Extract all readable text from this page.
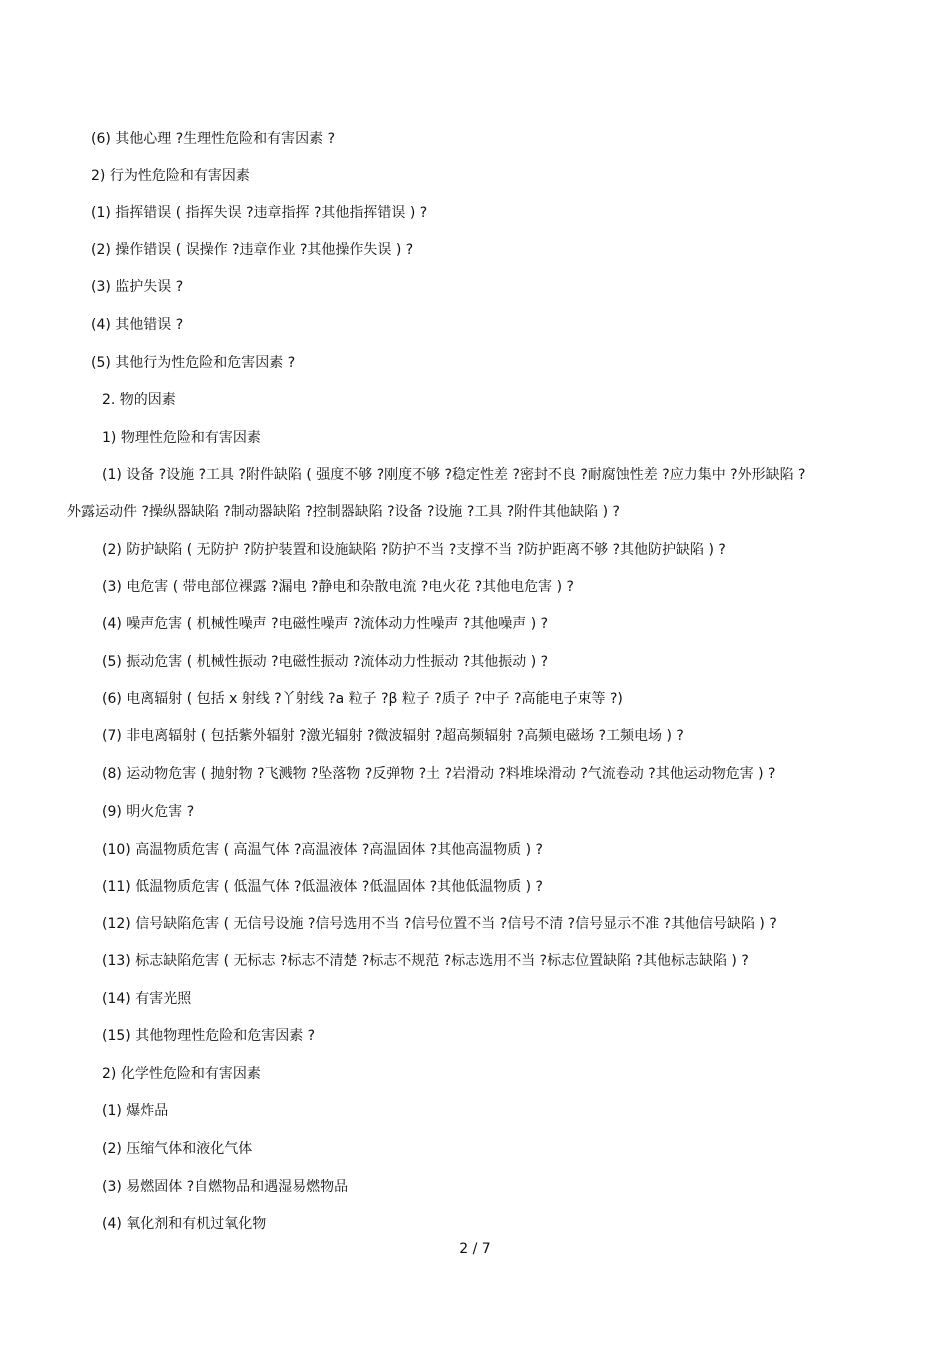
(6) 其他心理 ?生理性危险和有害因素 ?
2) 行为性危险和有害因素
(1) 指挥错误 ( 指挥失误 ?违章指挥 ?其他指挥错误 ) ?
(2) 操作错误 ( 误操作 ?违章作业 ?其他操作失误 ) ?
(3) 监护失误 ?
(4) 其他错误 ?
(5) 其他行为性危险和危害因素 ?
2. 物的因素
1) 物理性危险和有害因素
(1) 设备 ?设施 ?工具 ?附件缺陷 ( 强度不够 ?刚度不够 ?稳定性差 ?密封不良 ?耐腐蚀性差 ?应力集中 ?外形缺陷 ?
外露运动件 ?操纵器缺陷 ?制动器缺陷 ?控制器缺陷 ?设备 ?设施 ?工具 ?附件其他缺陷 ) ?
(2) 防护缺陷 ( 无防护 ?防护装置和设施缺陷 ?防护不当 ?支撑不当 ?防护距离不够 ?其他防护缺陷 ) ?
(3) 电危害 ( 带电部位裸露 ?漏电 ?静电和杂散电流 ?电火花 ?其他电危害 ) ?
(4) 噪声危害 ( 机械性噪声 ?电磁性噪声 ?流体动力性噪声 ?其他噪声 ) ?
(5) 振动危害 ( 机械性振动 ?电磁性振动 ?流体动力性振动 ?其他振动 ) ?
(6) 电离辐射 ( 包括 x 射线 ?丫射线 ?a 粒子 ?β 粒子 ?质子 ?中子 ?高能电子束等 ?)
(7) 非电离辐射 ( 包括紫外辐射 ?激光辐射 ?微波辐射 ?超高频辐射 ?高频电磁场 ?工频电场 ) ?
(8) 运动物危害 ( 抛射物 ?飞溅物 ?坠落物 ?反弹物 ?土 ?岩滑动 ?料堆垛滑动 ?气流卷动 ?其他运动物危害 ) ?
(9) 明火危害 ?
(10) 高温物质危害 ( 高温气体 ?高温液体 ?高温固体 ?其他高温物质 ) ?
(11) 低温物质危害 ( 低温气体 ?低温液体 ?低温固体 ?其他低温物质 ) ?
(12) 信号缺陷危害 ( 无信号设施 ?信号选用不当 ?信号位置不当 ?信号不清 ?信号显示不准 ?其他信号缺陷 ) ?
(13) 标志缺陷危害 ( 无标志 ?标志不清楚 ?标志不规范 ?标志选用不当 ?标志位置缺陷 ?其他标志缺陷 ) ?
(14) 有害光照
(15) 其他物理性危险和危害因素 ?
2) 化学性危险和有害因素
(1) 爆炸品
(2) 压缩气体和液化气体
(3) 易燃固体 ?自燃物品和遇湿易燃物品
(4) 氧化剂和有机过氧化物
2 / 7
